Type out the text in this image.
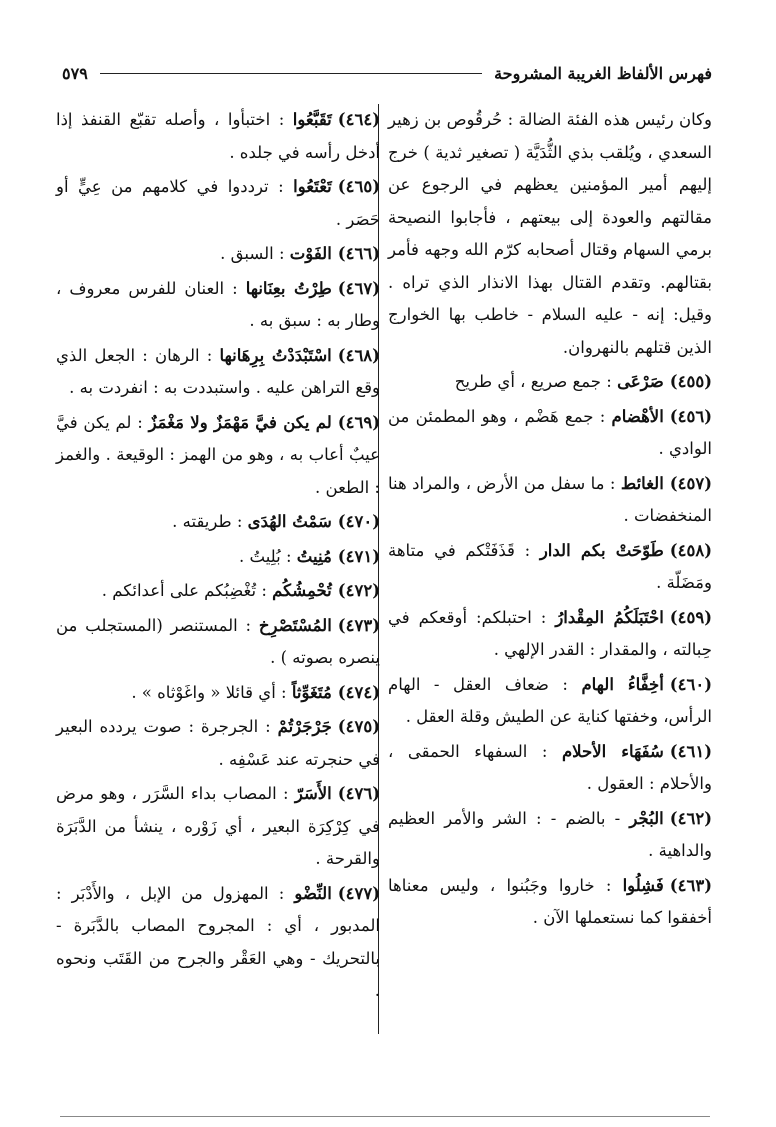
فهرس الألفاظ الغريبة المشروحة
٥٧٩
وكان رئيس هذه الفئة الضالة : حُرقُوص بن زهير السعدي ، ويُلقب بذي الثُّدَيَّة ( تصغير ثدية ) خرج إليهم أمير المؤمنين يعظهم في الرجوع عن مقالتهم والعودة إلى بيعتهم ، فأجابوا النصيحة برمي السهام وقتال أصحابه كرّم الله وجهه فأمر بقتالهم. وتقدم القتال بهذا الانذار الذي تراه . وقيل: إنه - عليه السلام - خاطب بها الخوارج الذين قتلهم بالنهروان.
(٤٥٥)صَرْعَى : جمع صريع ، أي طريح
(٤٥٦)الأهْضام : جمع هَضْم ، وهو المطمئن من الوادي .
(٤٥٧)الغائط : ما سفل من الأرض ، والمراد هنا المنخفضات .
(٤٥٨)طَوّحَتْ بكم الدار : قَذَفَتْكم في متاهة ومَضَلّة .
(٤٥٩)احْتَبَلَكُمُ المِقْدارُ : احتبلكم: أوقعكم في حِبالته ، والمقدار : القدر الإلهي .
(٤٦٠)أخِفَّاءُ الهام : ضعاف العقل - الهام الرأس، وخفتها كناية عن الطيش وقلة العقل .
(٤٦١)سُفَهَاء الأحلام : السفهاء الحمقى ، والأحلام : العقول .
(٤٦٢)البُجْر - بالضم - : الشر والأمر العظيم والداهية .
(٤٦٣)فَشِلُوا : خاروا وجَبُنوا ، وليس معناها أخفقوا كما نستعملها الآن .
(٤٦٤)تَقَبَّعُوا : اختبأوا ، وأصله تقبّع القنفذ إذا أدخل رأسه في جلده .
(٤٦٥)تَعْتَعُوا : ترددوا في كلامهم من عِيٍّ أو حَصَر .
(٤٦٦)الفَوْت : السبق .
(٤٦٧)طِرْتُ بعِنَانها : العنان للفرس معروف ، وطار به : سبق به .
(٤٦٨)اسْتَبْدَدْتُ بِرِهَانها : الرهان : الجعل الذي وقع التراهن عليه . واستبددت به : انفردت به .
(٤٦٩)لم يكن فيَّ مَهْمَزٌ ولا مَغْمَزٌ : لم يكن فيَّ عيبٌ أعاب به ، وهو من الهمز : الوقيعة . والغمز : الطعن .
(٤٧٠)سَمْتُ الهُدَى : طريقته .
(٤٧١)مُنِيتُ : بُلِيتُ .
(٤٧٢)تُحْمِشُكُم : تُغْضِبُكم على أعدائكم .
(٤٧٣)المُسْتَصْرِخ : المستنصر (المستجلب من ينصره بصوته ) .
(٤٧٤)مُتَغَوِّثاً : أي قائلا « واغَوْثاه » .
(٤٧٥)جَرْجَرْتُمْ : الجرجرة : صوت يردده البعير في حنجرته عند عَسْفِه .
(٤٧٦)الأَسَرّ : المصاب بداء السَّرَر ، وهو مرض في كِرْكِرَة البعير ، أي زَوْره ، ينشأ من الدَّبَرَة والقرحة .
(٤٧٧)النِّضْو : المهزول من الإبل ، والأَدْبَر : المدبور ، أي : المجروح المصاب بالدَّبَرة - بالتحريك - وهي العَقْر والجرح من القَتَب ونحوه .
